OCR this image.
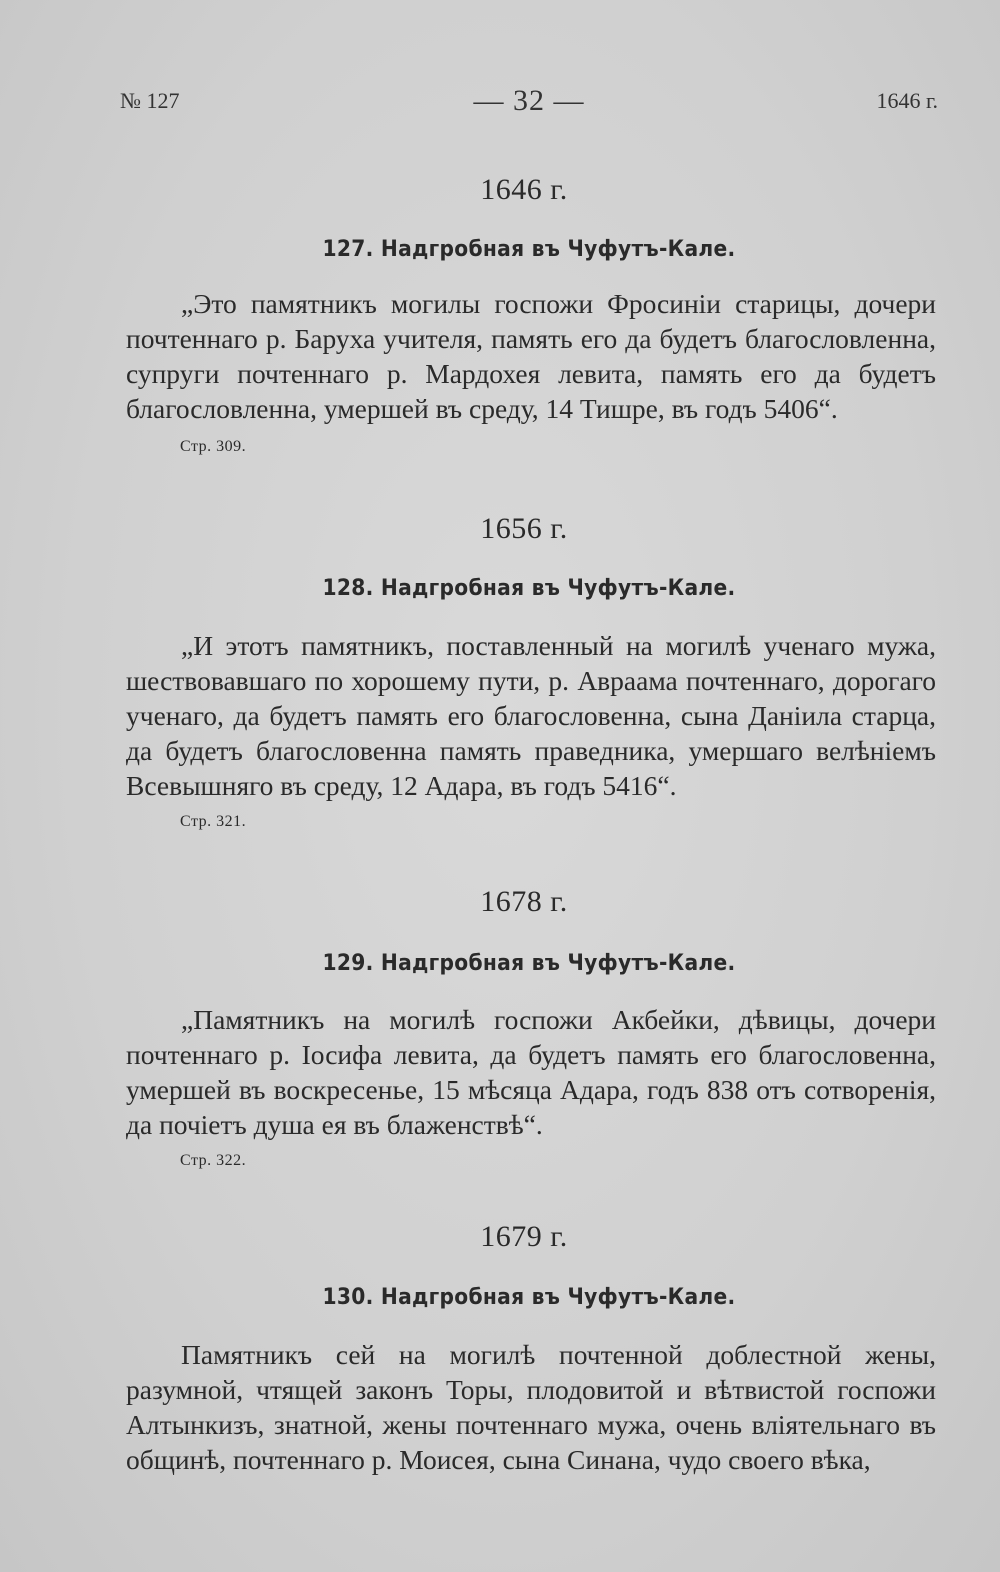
№ 127	— 32 —	1646 г.
1646 г.
127. Надгробная въ Чуфутъ-Кале.
„Это памятникъ могилы госпожи Фросиніи старицы, дочери почтеннаго р. Баруха учителя, память его да будетъ благословленна, супруги почтеннаго р. Мардохея левита, память его да будетъ благословленна, умершей въ среду, 14 Тишре, въ годъ 5406“.
Стр. 309.
1656 г.
128. Надгробная въ Чуфутъ-Кале.
„И этотъ памятникъ, поставленный на могилѣ ученаго мужа, шествовавшаго по хорошему пути, р. Авраама почтеннаго, дорогаго ученаго, да будетъ память его благословенна, сына Даніила старца, да будетъ благословенна память праведника, умершаго велѣніемъ Всевышняго въ среду, 12 Адара, въ годъ 5416“.
Стр. 321.
1678 г.
129. Надгробная въ Чуфутъ-Кале.
„Памятникъ на могилѣ госпожи Акбейки, дѣвицы, дочери почтеннаго р. Іосифа левита, да будетъ память его благословенна, умершей въ воскресенье, 15 мѣсяца Адара, годъ 838 отъ сотворенія, да почіетъ душа ея въ блаженствѣ“.
Стр. 322.
1679 г.
130. Надгробная въ Чуфутъ-Кале.
Памятникъ сей на могилѣ почтенной доблестной жены, разумной, чтящей законъ Торы, плодовитой и вѣтвистой госпожи Алтынкизъ, знатной, жены почтеннаго мужа, очень вліятельнаго въ общинѣ, почтеннаго р. Моисея, сына Синана, чудо своего вѣка,
